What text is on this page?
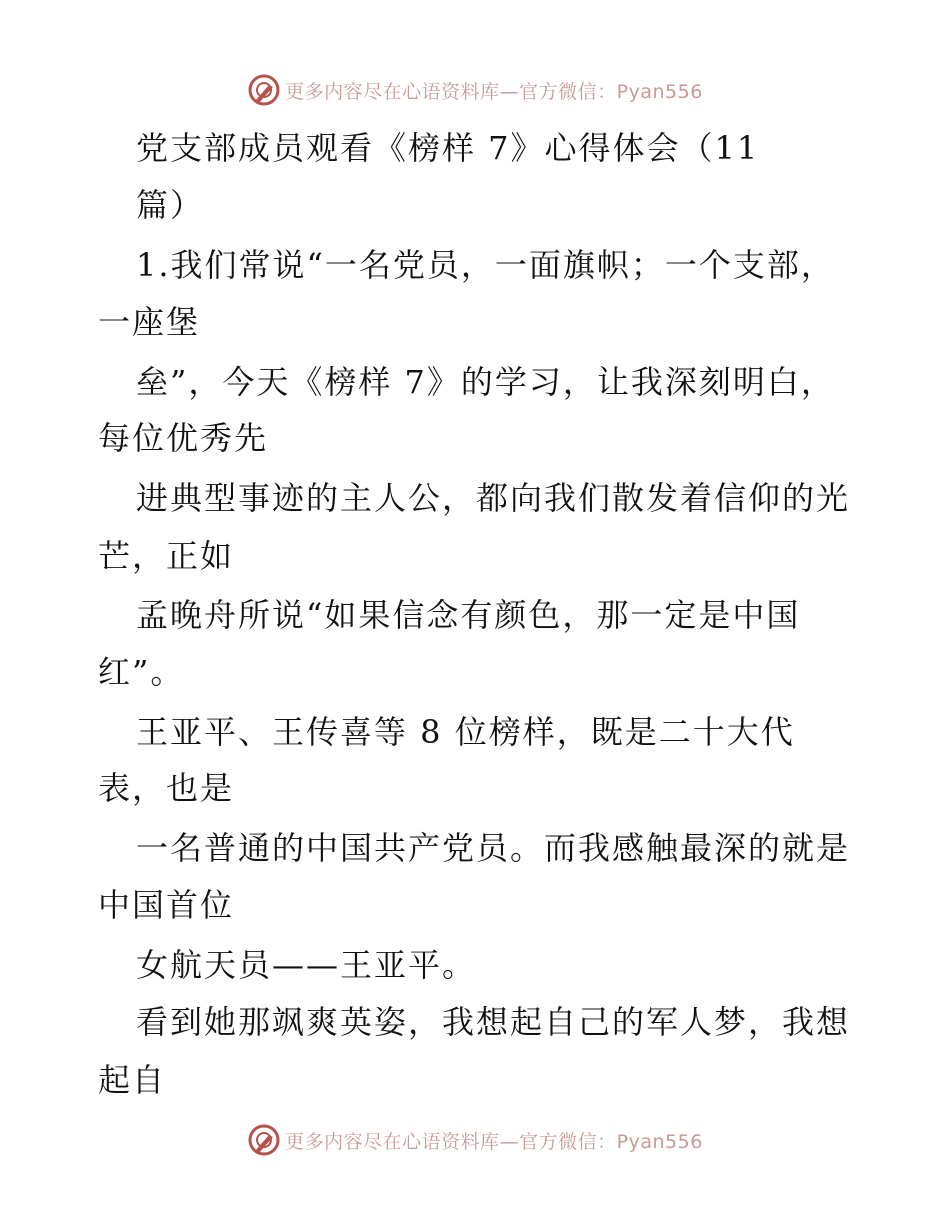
更多内容尽在心语资料库—官方微信：Pyan556
党支部成员观看《榜样 7》心得体会（11
篇）
1.我们常说“一名党员，一面旗帜；一个支部，
一座堡
垒”，今天《榜样 7》的学习，让我深刻明白，
每位优秀先
进典型事迹的主人公，都向我们散发着信仰的光
芒，正如
孟晚舟所说“如果信念有颜色，那一定是中国
红”。
王亚平、王传喜等 8 位榜样，既是二十大代
表，也是
一名普通的中国共产党员。而我感触最深的就是
中国首位
女航天员——王亚平。
看到她那飒爽英姿，我想起自己的军人梦，我想
起自
更多内容尽在心语资料库—官方微信：Pyan556
